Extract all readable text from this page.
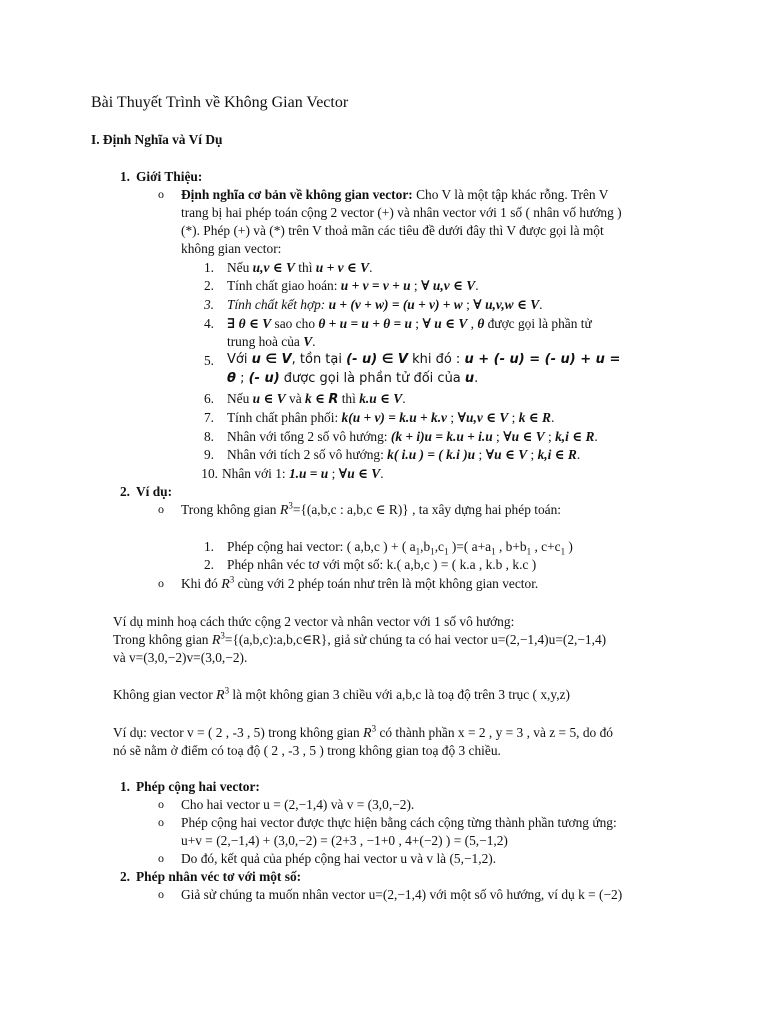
Bài Thuyết Trình về Không Gian Vector
I. Định Nghĩa và Ví Dụ
1. Giới Thiệu:
o Định nghĩa cơ bản về không gian vector: Cho V là một tập khác rỗng. Trên V
trang bị hai phép toán cộng 2 vector (+) và nhân vector với 1 số ( nhân vố hướng )
(*). Phép (+) và (*) trên V thoả mãn các tiêu đề dưới đây thì V được gọi là một
không gian vector:
1. Nếu u,v ∈ V thì u + v ∈ V.
2. Tính chất giao hoán: u + v = v + u ; ∀ u,v ∈ V.
3. Tính chất kết hợp: u + (v + w) = (u + v) + w ; ∀ u,v,w ∈ V.
4. ∃ θ ∈ V sao cho θ + u = u + θ = u ; ∀ u ∈ V , θ được gọi là phần tử
trung hoà của V.
5. Với u ∈ V, tồn tại (- u) ∈ V khi đó : u + (- u) = (- u) + u =
θ ; (- u) được gọi là phần tử đối của u.
6. Nếu u ∈ V và k ∈ R thì k.u ∈ V.
7. Tính chất phân phối: k(u + v) = k.u + k.v ; ∀u,v ∈ V ; k ∈ R.
8. Nhân với tổng 2 số vô hướng: (k + i)u = k.u + i.u ; ∀u ∈ V ; k,i ∈ R.
9. Nhân với tích 2 số vô hướng: k( i.u ) = ( k.i )u ; ∀u ∈ V ; k,i ∈ R.
10. Nhân với 1: 1.u = u ; ∀u ∈ V.
2. Ví dụ:
o Trong không gian $R^3=\{(a,b,c$ : a,b,c ∈ R)} , ta xây dựng hai phép toán:
1. Phép cộng hai vector: ( a,b,c ) + ( $a_1,b_1,c_1$ )=( $a+a_1$ , $b+b_1$ , $c+c_1$ )
2. Phép nhân véc tơ với một số: k.( a,b,c ) = ( k.a , k.b , k.c )
o Khi đó $R^3$ cùng với 2 phép toán như trên là một không gian vector.
Ví dụ minh hoạ cách thức cộng 2 vector và nhân vector với 1 số vô hướng:
Trong không gian $R^3=\{(a,b,c):a,b,c\in R\}$, giả sử chúng ta có hai vector u=(2,−1,4)u=(2,−1,4)
và v=(3,0,−2)v=(3,0,−2).
Không gian vector $R^3$ là một không gian 3 chiều với a,b,c là toạ độ trên 3 trục ( x,y,z)
Ví dụ: vector v = ( 2 , -3 , 5) trong không gian $R^3$ có thành phần x = 2 , y = 3 , và z = 5, do đó
nó sẽ nằm ở điểm có toạ độ ( 2 , -3 , 5 ) trong không gian toạ độ 3 chiều.
1. Phép cộng hai vector:
o Cho hai vector u = (2,−1,4) và v = (3,0,−2).
o Phép cộng hai vector được thực hiện bằng cách cộng từng thành phần tương ứng:
u+v = (2,−1,4) + (3,0,−2) = (2+3 , −1+0 , 4+(−2) ) = (5,−1,2)
o Do đó, kết quả của phép cộng hai vector u và v là (5,−1,2).
2. Phép nhân véc tơ với một số:
o Giả sử chúng ta muốn nhân vector u=(2,−1,4) với một số vô hướng, ví dụ k = (−2)
